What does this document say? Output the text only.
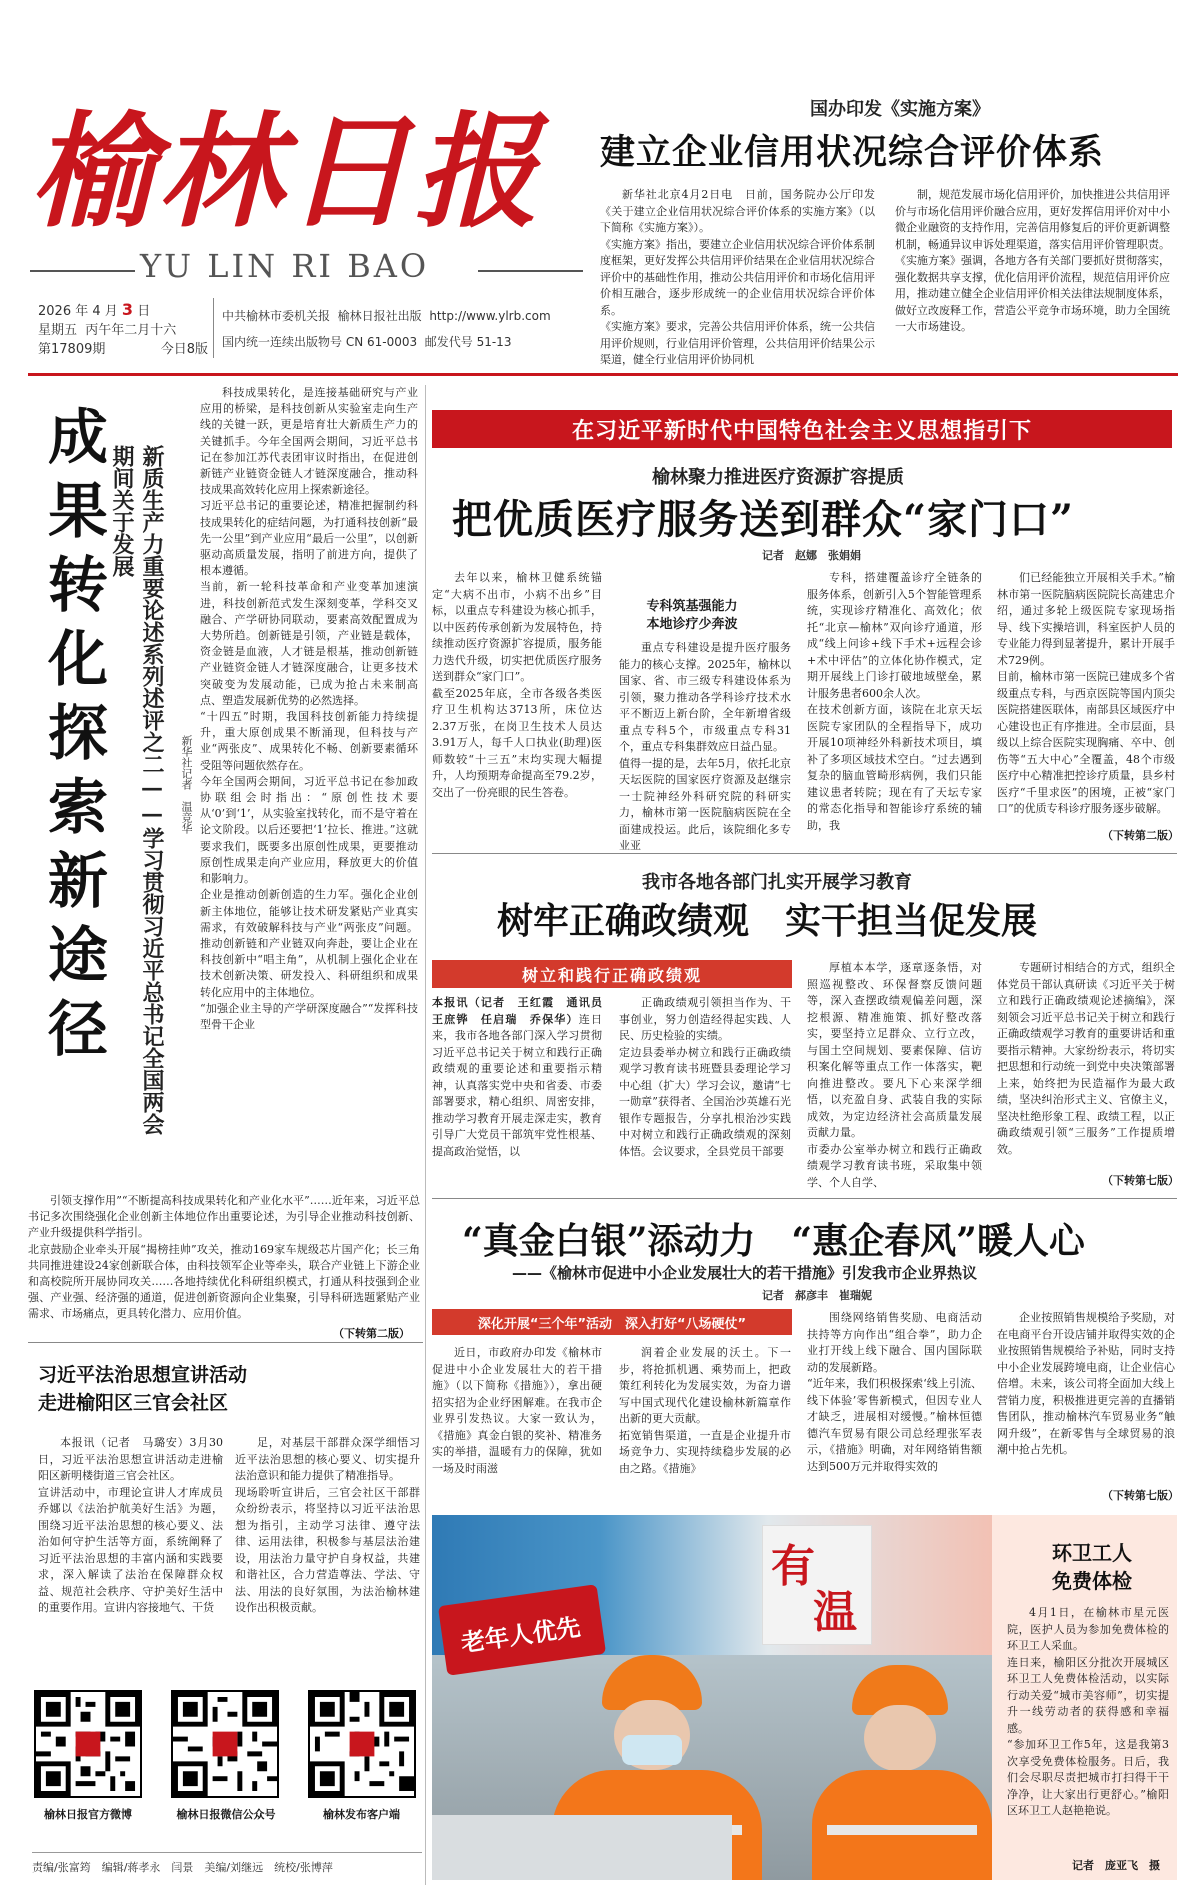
榆林日报
YU LIN RI BAO
2026 年 4 月 3 日
星期五 丙午年二月十六
第17809期	今日8版
中共榆林市委机关报 榆林日报社出版 http://www.ylrb.com
国内统一连续出版物号 CN 61-0003 邮发代号 51-13
国办印发《实施方案》
建立企业信用状况综合评价体系

新华社北京4月2日电　日前，国务院办公厅印发《关于建立企业信用状况综合评价体系的实施方案》（以下简称《实施方案》）。
《实施方案》指出，要建立企业信用状况综合评价体系制度框架，更好发挥公共信用评价结果在企业信用状况综合评价中的基础性作用，推动公共信用评价和市场化信用评价相互融合，逐步形成统一的企业信用状况综合评价体系。
《实施方案》要求，完善公共信用评价体系，统一公共信用评价规则，行业信用评价管理，公共信用评价结果公示渠道，健全行业信用评价协同机

制，规范发展市场化信用评价，加快推进公共信用评价与市场化信用评价融合应用，更好发挥信用评价对中小微企业融资的支持作用，完善信用修复后的评价更新调整机制，畅通异议申诉处理渠道，落实信用评价管理职责。
《实施方案》强调，各地方各有关部门要抓好贯彻落实，强化数据共享支撑，优化信用评价流程，规范信用评价应用，推动建立健全企业信用评价相关法律法规制度体系，做好立改废释工作，营造公平竞争市场环境，助力全国统一大市场建设。

成果转化探索新途径	新质生产力重要论述系列述评之二——学习贯彻习近平总书记全国两会期间关于发展
新华社记者　温竞华

科技成果转化，是连接基础研究与产业应用的桥梁，是科技创新从实验室走向生产线的关键一跃，更是培育壮大新质生产力的关键抓手。今年全国两会期间，习近平总书记在参加江苏代表团审议时指出，在促进创新链产业链资金链人才链深度融合，推动科技成果高效转化应用上探索新途径。
习近平总书记的重要论述，精准把握制约科技成果转化的症结问题，为打通科技创新“最先一公里”到产业应用“最后一公里”，以创新驱动高质量发展，指明了前进方向，提供了根本遵循。
当前，新一轮科技革命和产业变革加速演进，科技创新范式发生深刻变革，学科交叉融合、产学研协同联动，要素高效配置成为大势所趋。创新链是引领，产业链是载体，资金链是血液，人才链是根基，推动创新链产业链资金链人才链深度融合，让更多技术突破变为发展动能，已成为抢占未来制高点、塑造发展新优势的必然选择。
“十四五”时期，我国科技创新能力持续提升，重大原创成果不断涌现，但科技与产业“两张皮”、成果转化不畅、创新要素循环受阻等问题依然存在。
今年全国两会期间，习近平总书记在参加政协联组会时指出：“原创性技术要从‘0’到‘1’，从实验室找转化，而不是守着在论文阶段。以后还要把‘1’拉长、推进。”这就要求我们，既要多出原创性成果，更要推动原创性成果走向产业应用，释放更大的价值和影响力。
企业是推动创新创造的生力军。强化企业创新主体地位，能够让技术研发紧贴产业真实需求，有效破解科技与产业“两张皮”问题。推动创新链和产业链双向奔赴，要让企业在科技创新中“唱主角”，从机制上强化企业在技术创新决策、研发投入、科研组织和成果转化应用中的主体地位。
“加强企业主导的产学研深度融合”“发挥科技型骨干企业

引领支撑作用”“不断提高科技成果转化和产业化水平”……近年来，习近平总书记多次围绕强化企业创新主体地位作出重要论述，为引导企业推动科技创新、产业升级提供科学指引。
北京鼓励企业牵头开展“揭榜挂帅”攻关，推动169家车规级芯片国产化；长三角共同推进建设24家创新联合体，由科技领军企业等牵头，联合产业链上下游企业和高校院所开展协同攻关……各地持续优化科研组织模式，打通从科技强到企业强、产业强、经济强的通道，促进创新资源向企业集聚，引导科研选题紧贴产业需求、市场痛点，更具转化潜力、应用价值。

（下转第二版）
习近平法治思想宣讲活动
走进榆阳区三官会社区

本报讯（记者　马璐安）3月30日，习近平法治思想宣讲活动走进榆阳区新明楼街道三官会社区。
宣讲活动中，市理论宣讲人才库成员乔娜以《法治护航美好生活》为题，围绕习近平法治思想的核心要义、法治如何守护生活等方面，系统阐释了习近平法治思想的丰富内涵和实践要求，深入解读了法治在保障群众权益、规范社会秩序、守护美好生活中的重要作用。宣讲内容接地气、干货

足，对基层干部群众深学细悟习近平法治思想的核心要义、切实提升法治意识和能力提供了精准指导。
现场聆听宣讲后，三官会社区干部群众纷纷表示，将坚持以习近平法治思想为指引，主动学习法律、遵守法律、运用法律，积极参与基层法治建设，用法治力量守护自身权益，共建和谐社区，合力营造尊法、学法、守法、用法的良好氛围，为法治榆林建设作出积极贡献。

榆林日报官方微博	榆林日报微信公众号	榆林发布客户端
责编/张富筠　编辑/蒋孝永　闫景　美编/刘继远　统校/张博萍
在习近平新时代中国特色社会主义思想指引下
榆林聚力推进医疗资源扩容提质
把优质医疗服务送到群众“家门口”
记者　赵娜　张娟娟

去年以来，榆林卫健系统锚定“大病不出市，小病不出乡”目标，以重点专科建设为核心抓手，以中医药传承创新为发展特色，持续推动医疗资源扩容提质，服务能力迭代升级，切实把优质医疗服务送到群众“家门口”。
截至2025年底，全市各级各类医疗卫生机构达3713所，床位达2.37万张，在岗卫生技术人员达3.91万人，每千人口执业(助理)医师数较“十三五”末均实现大幅提升，人均预期寿命提高至79.2岁，交出了一份亮眼的民生答卷。

专科筑基强能力
本地诊疗少奔波

重点专科建设是提升医疗服务能力的核心支撑。2025年，榆林以国家、省、市三级专科建设体系为引领，聚力推动各学科诊疗技术水平不断迈上新台阶，全年新增省级重点专科5个，市级重点专科31个，重点专科集群效应日益凸显。
值得一提的是，去年5月，依托北京天坛医院的国家医疗资源及赵继宗一士院神经外科研究院的科研实力，榆林市第一医院脑病医院在全面建成投运。此后，该院细化多专业亚

专科，搭建覆盖诊疗全链条的服务体系，创新引入5个智能管理系统，实现诊疗精准化、高效化；依托“北京—榆林”双向诊疗通道，形成“线上问诊+线下手术+远程会诊+术中评估”的立体化协作模式，定期开展线上门诊打破地域壁垒，累计服务患者600余人次。
在技术创新方面，该院在北京天坛医院专家团队的全程指导下，成功开展10项神经外科新技术项目，填补了多项区域技术空白。“过去遇到复杂的脑血管畸形病例，我们只能建议患者转院；现在有了天坛专家的常态化指导和智能诊疗系统的辅助，我

们已经能独立开展相关手术。”榆林市第一医院脑病医院院长高建忠介绍，通过多轮上级医院专家现场指导、线下实操培训，科室医护人员的专业能力得到显著提升，累计开展手术729例。
目前，榆林市第一医院已建成多个省级重点专科，与西京医院等国内顶尖医院搭建医联体，南部县区域医疗中心建设也正有序推进。全市层面，县级以上综合医院实现胸痛、卒中、创伤等“五大中心”全覆盖，48个市级医疗中心精准把控诊疗质量，县乡村医疗“千里求医”的困境，正被“家门口”的优质专科诊疗服务逐步破解。

（下转第二版）
我市各地各部门扎实开展学习教育
树牢正确政绩观　实干担当促发展
树立和践行正确政绩观
本报讯（记者　王红霞　通讯员　王庶铧　任启瑞　乔保华）连日来，我市各地各部门深入学习贯彻习近平总书记关于树立和践行正确政绩观的重要论述和重要指示精神，认真落实党中央和省委、市委部署要求，精心组织、周密安排，推动学习教育开展走深走实，教育引导广大党员干部筑牢党性根基、提高政治觉悟，以

正确政绩观引领担当作为、干事创业，努力创造经得起实践、人民、历史检验的实绩。
定边县委举办树立和践行正确政绩观学习教育读书班暨县委理论学习中心组（扩大）学习会议，邀请“七一勋章”获得者、全国治沙英雄石光银作专题报告，分享扎根治沙实践中对树立和践行正确政绩观的深刻体悟。会议要求，全县党员干部要

厚植本本学，逐章逐条悟，对照巡视整改、环保督察反馈问题等，深入查摆政绩观偏差问题，深挖根源、精准施策、抓好整改落实，要坚持立足群众、立行立改，与国土空间规划、要素保障、信访积案化解等重点工作一体落实，靶向推进整改。要凡下心来深学细悟，以充盈自身、武装自我的实际成效，为定边经济社会高质量发展贡献力量。
市委办公室举办树立和践行正确政绩观学习教育读书班，采取集中领学、个人自学、

专题研讨相结合的方式，组织全体党员干部认真研读《习近平关于树立和践行正确政绩观论述摘编》，深刻领会习近平总书记关于树立和践行正确政绩观学习教育的重要讲话和重要指示精神。大家纷纷表示，将切实把思想和行动统一到党中央决策部署上来，始终把为民造福作为最大政绩，坚决纠治形式主义、官僚主义，坚决杜绝形象工程、政绩工程，以正确政绩观引领“三服务”工作提质增效。

（下转第七版）
“真金白银”添动力　“惠企春风”暖人心
——《榆林市促进中小企业发展壮大的若干措施》引发我市企业界热议
记者　郝彦丰　崔瑞妮
深化开展“三个年”活动　深入打好“八场硬仗”

近日，市政府办印发《榆林市促进中小企业发展壮大的若干措施》（以下简称《措施》），拿出硬招实招为企业纾困解难。在我市企业界引发热议。大家一致认为，《措施》真金白银的奖补、精准务实的举措，温暖有力的保障，犹如一场及时雨滋

润着企业发展的沃土。下一步，将抢抓机遇、乘势而上，把政策红利转化为发展实效，为奋力谱写中国式现代化建设榆林新篇章作出新的更大贡献。
拓宽销售渠道，一直是企业提升市场竞争力、实现持续稳步发展的必由之路。《措施》

围绕网络销售奖励、电商活动扶持等方向作出“组合拳”，助力企业打开线上线下融合、国内国际联动的发展新路。
“近年来，我们积极探索‘线上引流、线下体验’零售新模式，但因专业人才缺乏，进展相对缓慢。”榆林恒德德汽车贸易有限公司总经理张军表示，《措施》明确，对年网络销售额达到500万元并取得实效的

企业按照销售规模给予奖励，对在电商平台开设店铺并取得实效的企业按照销售规模给予补贴，同时支持中小企业发展跨境电商，让企业信心倍增。未来，该公司将全面加大线上营销力度，积极推进更完善的直播销售团队，推动榆林汽车贸易业务“触网升级”，在新零售与全球贸易的浪潮中抢占先机。

（下转第七版）
老年人优先
有
温
环卫工人
免费体检

4月1日，在榆林市星元医院，医护人员为参加免费体检的环卫工人采血。
连日来，榆阳区分批次开展城区环卫工人免费体检活动，以实际行动关爱“城市美容师”，切实提升一线劳动者的获得感和幸福感。
“参加环卫工作5年，这是我第3次享受免费体检服务。日后，我们会尽职尽责把城市打扫得干干净净，让大家出行更舒心。”榆阳区环卫工人赵艳艳说。

记者　庞亚飞　摄
